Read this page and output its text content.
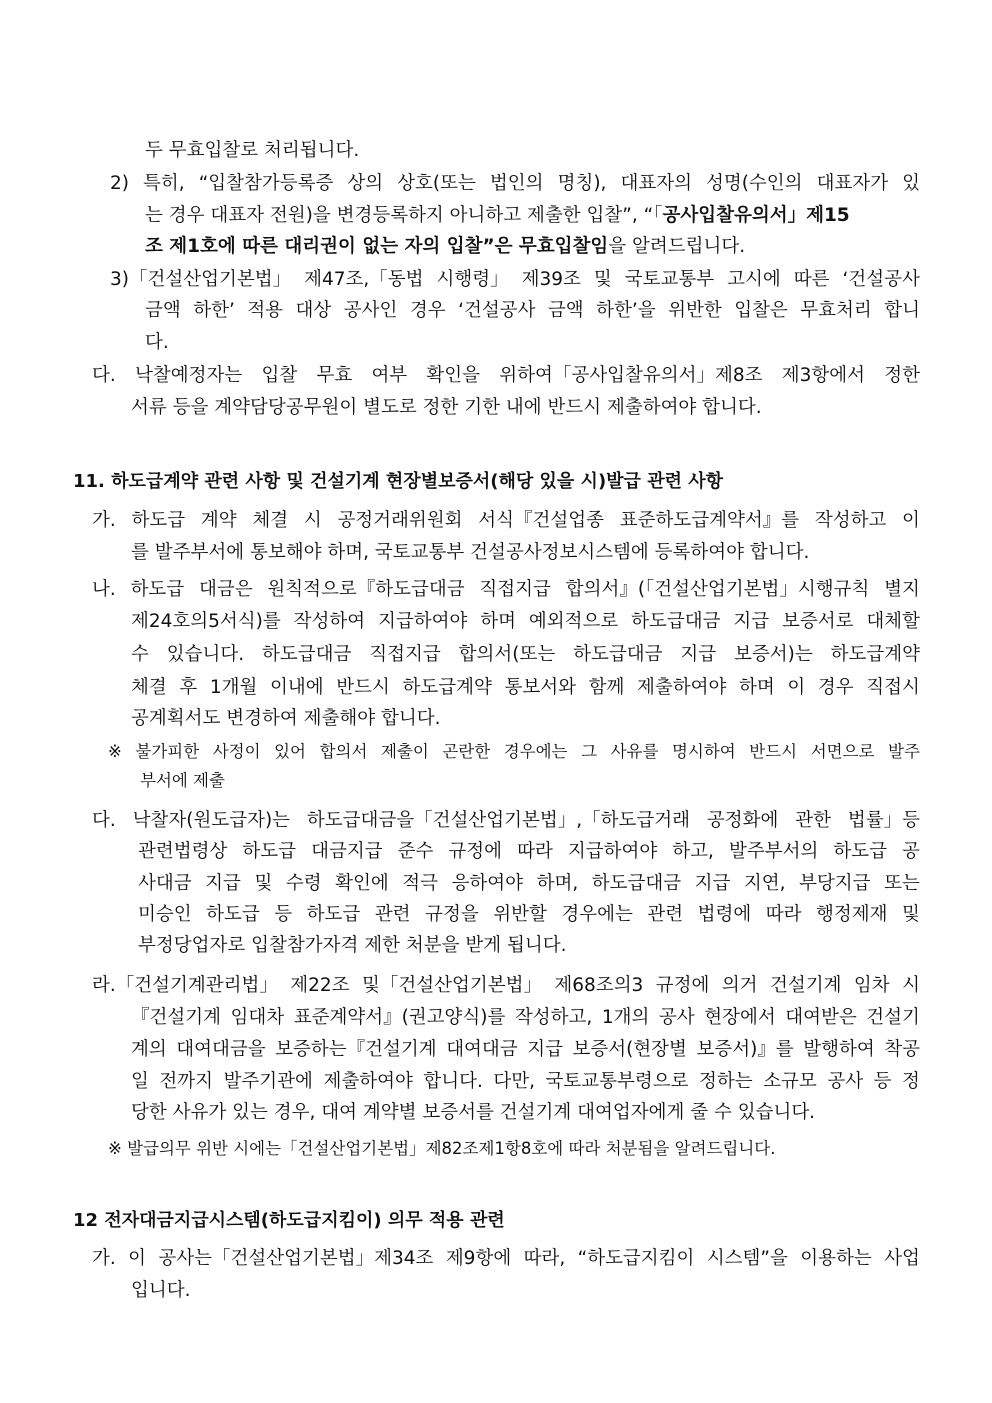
두 무효입찰로 처리됩니다.
2) 특히, “입찰참가등록증 상의 상호(또는 법인의 명칭), 대표자의 성명(수인의 대표자가 있
는 경우 대표자 전원)을 변경등록하지 아니하고 제출한 입찰”, “「공사입찰유의서」제15
조 제1호에 따른 대리권이 없는 자의 입찰”은 무효입찰임을 알려드립니다.
3)「건설산업기본법」 제47조,「동법 시행령」 제39조 및 국토교통부 고시에 따른 ‘건설공사
금액 하한’ 적용 대상 공사인 경우 ‘건설공사 금액 하한’을 위반한 입찰은 무효처리 합니
다.
다. 낙찰예정자는 입찰 무효 여부 확인을 위하여「공사입찰유의서」제8조 제3항에서 정한
서류 등을 계약담당공무원이 별도로 정한 기한 내에 반드시 제출하여야 합니다.
11. 하도급계약 관련 사항 및 건설기계 현장별보증서(해당 있을 시)발급 관련 사항
가. 하도급 계약 체결 시 공정거래위원회 서식『건설업종 표준하도급계약서』를 작성하고 이
를 발주부서에 통보해야 하며, 국토교통부 건설공사정보시스템에 등록하여야 합니다.
나. 하도급 대금은 원칙적으로『하도급대금 직접지급 합의서』(「건설산업기본법」시행규칙 별지
제24호의5서식)를 작성하여 지급하여야 하며 예외적으로 하도급대금 지급 보증서로 대체할
수 있습니다. 하도급대금 직접지급 합의서(또는 하도급대금 지급 보증서)는 하도급계약
체결 후 1개월 이내에 반드시 하도급계약 통보서와 함께 제출하여야 하며 이 경우 직접시
공계획서도 변경하여 제출해야 합니다.
※ 불가피한 사정이 있어 합의서 제출이 곤란한 경우에는 그 사유를 명시하여 반드시 서면으로 발주
부서에 제출
다. 낙찰자(원도급자)는 하도급대금을「건설산업기본법」,「하도급거래 공정화에 관한 법률」등
관련법령상 하도급 대금지급 준수 규정에 따라 지급하여야 하고, 발주부서의 하도급 공
사대금 지급 및 수령 확인에 적극 응하여야 하며, 하도급대금 지급 지연, 부당지급 또는
미승인 하도급 등 하도급 관련 규정을 위반할 경우에는 관련 법령에 따라 행정제재 및
부정당업자로 입찰참가자격 제한 처분을 받게 됩니다.
라.「건설기계관리법」 제22조 및「건설산업기본법」 제68조의3 규정에 의거 건설기계 임차 시
『건설기계 임대차 표준계약서』(권고양식)를 작성하고, 1개의 공사 현장에서 대여받은 건설기
계의 대여대금을 보증하는『건설기계 대여대금 지급 보증서(현장별 보증서)』를 발행하여 착공
일 전까지 발주기관에 제출하여야 합니다. 다만, 국토교통부령으로 정하는 소규모 공사 등 정
당한 사유가 있는 경우, 대여 계약별 보증서를 건설기계 대여업자에게 줄 수 있습니다.
※ 발급의무 위반 시에는「건설산업기본법」제82조제1항8호에 따라 처분됨을 알려드립니다.
12 전자대금지급시스템(하도급지킴이) 의무 적용 관련
가. 이 공사는「건설산업기본법」제34조 제9항에 따라, “하도급지킴이 시스템”을 이용하는 사업
입니다.
